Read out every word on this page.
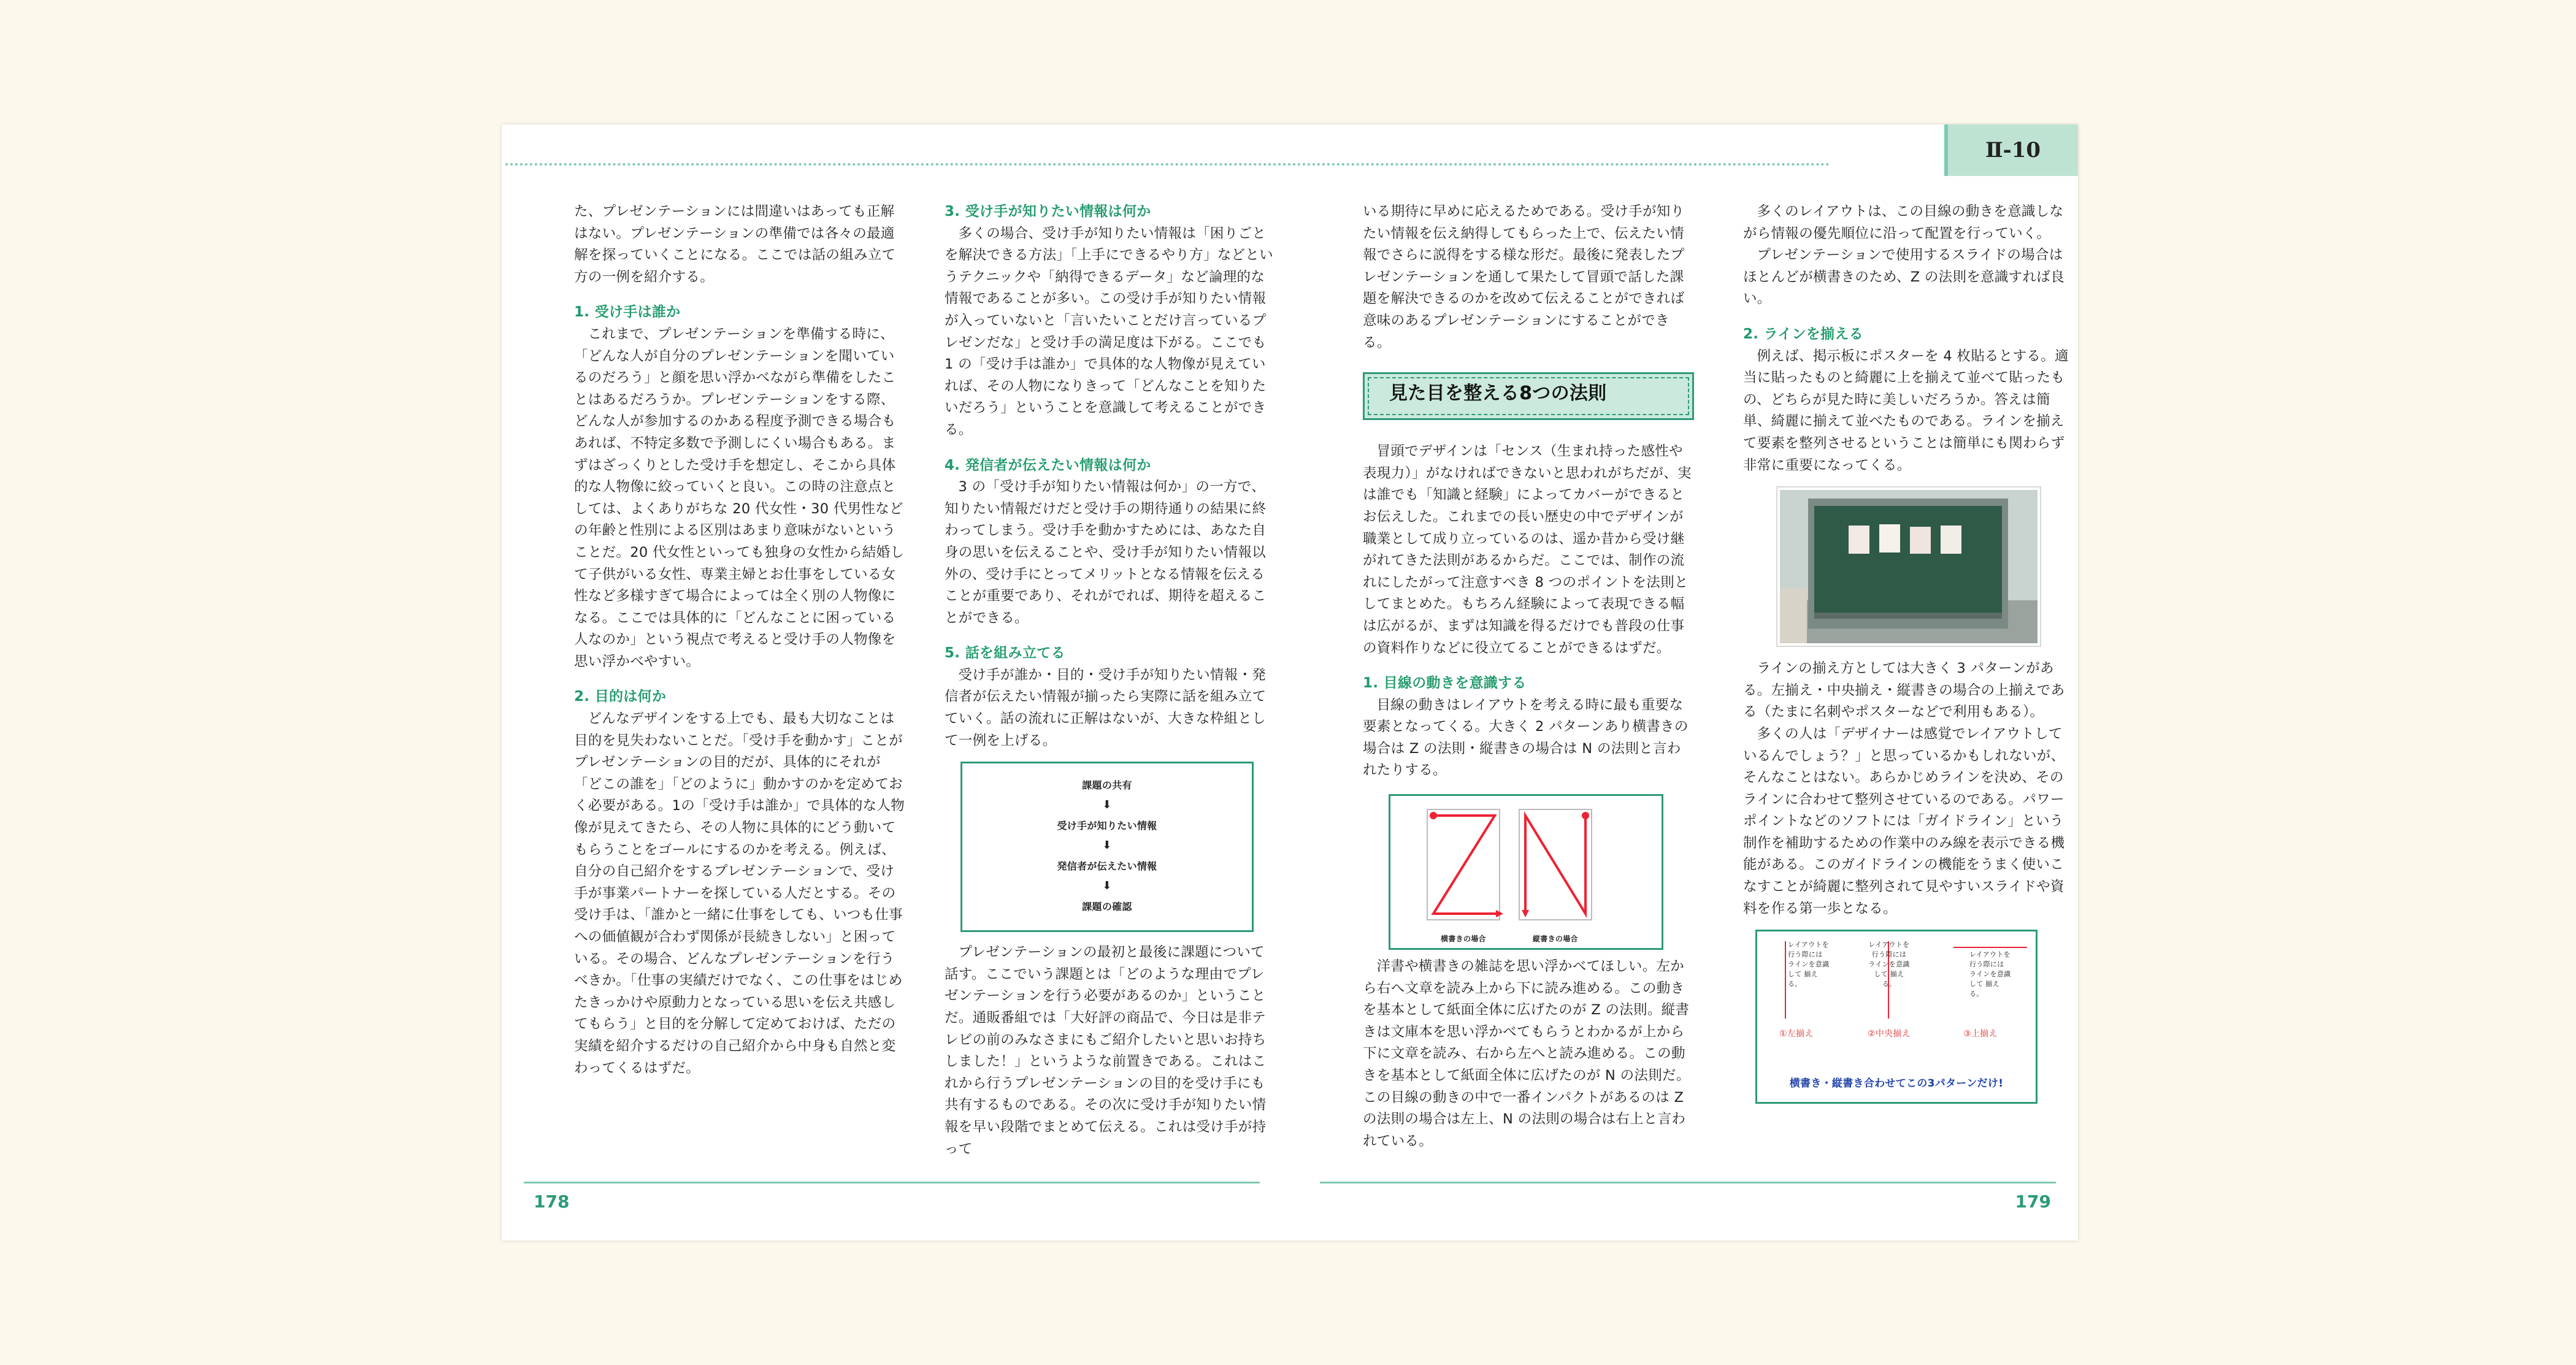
Ⅱ-10

た、プレゼンテーションには間違いはあっても正解はない。プレゼンテーションの準備では各々の最適解を探っていくことになる。ここでは話の組み立て方の一例を紹介する。

1. 受け手は誰か

これまで、プレゼンテーションを準備する時に、「どんな人が自分のプレゼンテーションを聞いているのだろう」と顔を思い浮かべながら準備をしたことはあるだろうか。プレゼンテーションをする際、どんな人が参加するのかある程度予測できる場合もあれば、不特定多数で予測しにくい場合もある。まずはざっくりとした受け手を想定し、そこから具体的な人物像に絞っていくと良い。この時の注意点としては、よくありがちな 20 代女性・30 代男性などの年齢と性別による区別はあまり意味がないということだ。20 代女性といっても独身の女性から結婚して子供がいる女性、専業主婦とお仕事をしている女性など多様すぎて場合によっては全く別の人物像になる。ここでは具体的に「どんなことに困っている人なのか」という視点で考えると受け手の人物像を思い浮かべやすい。

2. 目的は何か

どんなデザインをする上でも、最も大切なことは目的を見失わないことだ。「受け手を動かす」ことがプレゼンテーションの目的だが、具体的にそれが「どこの誰を」「どのように」動かすのかを定めておく必要がある。1の「受け手は誰か」で具体的な人物像が見えてきたら、その人物に具体的にどう動いてもらうことをゴールにするのかを考える。例えば、自分の自己紹介をするプレゼンテーションで、受け手が事業パートナーを探している人だとする。その受け手は、「誰かと一緒に仕事をしても、いつも仕事への価値観が合わず関係が長続きしない」と困っている。その場合、どんなプレゼンテーションを行うべきか。「仕事の実績だけでなく、この仕事をはじめたきっかけや原動力となっている思いを伝え共感してもらう」と目的を分解して定めておけば、ただの実績を紹介するだけの自己紹介から中身も自然と変わってくるはずだ。

3. 受け手が知りたい情報は何か

多くの場合、受け手が知りたい情報は「困りごとを解決できる方法」「上手にできるやり方」などというテクニックや「納得できるデータ」など論理的な情報であることが多い。この受け手が知りたい情報が入っていないと「言いたいことだけ言っているプレゼンだな」と受け手の満足度は下がる。ここでも 1 の「受け手は誰か」で具体的な人物像が見えていれば、その人物になりきって「どんなことを知りたいだろう」ということを意識して考えることができる。

4. 発信者が伝えたい情報は何か

3 の「受け手が知りたい情報は何か」の一方で、知りたい情報だけだと受け手の期待通りの結果に終わってしまう。受け手を動かすためには、あなた自身の思いを伝えることや、受け手が知りたい情報以外の、受け手にとってメリットとなる情報を伝えることが重要であり、それがでれば、期待を超えることができる。

5. 話を組み立てる

受け手が誰か・目的・受け手が知りたい情報・発信者が伝えたい情報が揃ったら実際に話を組み立てていく。話の流れに正解はないが、大きな枠組として一例を上げる。

課題の共有
⬇
受け手が知りたい情報
⬇
発信者が伝えたい情報
⬇
課題の確認

プレゼンテーションの最初と最後に課題について話す。ここでいう課題とは「どのような理由でプレゼンテーションを行う必要があるのか」ということだ。通販番組では「大好評の商品で、今日は是非テレビの前のみなさまにもご紹介したいと思いお持ちしました！」というような前置きである。これはこれから行うプレゼンテーションの目的を受け手にも共有するものである。その次に受け手が知りたい情報を早い段階でまとめて伝える。これは受け手が持って

いる期待に早めに応えるためである。受け手が知りたい情報を伝え納得してもらった上で、伝えたい情報でさらに説得をする様な形だ。最後に発表したプレゼンテーションを通して果たして冒頭で話した課題を解決できるのかを改めて伝えることができれば意味のあるプレゼンテーションにすることができる。

見た目を整える8つの法則

冒頭でデザインは「センス（生まれ持った感性や表現力）」がなければできないと思われがちだが、実は誰でも「知識と経験」によってカバーができるとお伝えした。これまでの長い歴史の中でデザインが職業として成り立っているのは、遥か昔から受け継がれてきた法則があるからだ。ここでは、制作の流れにしたがって注意すべき 8 つのポイントを法則としてまとめた。もちろん経験によって表現できる幅は広がるが、まずは知識を得るだけでも普段の仕事の資料作りなどに役立てることができるはずだ。

1. 目線の動きを意識する

目線の動きはレイアウトを考える時に最も重要な要素となってくる。大きく 2 パターンあり横書きの場合は Z の法則・縦書きの場合は N の法則と言われたりする。

横書きの場合	縦書きの場合

洋書や横書きの雑誌を思い浮かべてほしい。左から右へ文章を読み上から下に読み進める。この動きを基本として紙面全体に広げたのが Z の法則。縦書きは文庫本を思い浮かべてもらうとわかるが上から下に文章を読み、右から左へと読み進める。この動きを基本として紙面全体に広げたのが N の法則だ。この目線の動きの中で一番インパクトがあるのは Z の法則の場合は左上、N の法則の場合は右上と言われている。

多くのレイアウトは、この目線の動きを意識しながら情報の優先順位に沿って配置を行っていく。

プレゼンテーションで使用するスライドの場合はほとんどが横書きのため、Z の法則を意識すれば良い。

2. ラインを揃える

例えば、掲示板にポスターを 4 枚貼るとする。適当に貼ったものと綺麗に上を揃えて並べて貼ったもの、どちらが見た時に美しいだろうか。答えは簡単、綺麗に揃えて並べたものである。ラインを揃えて要素を整列させるということは簡単にも関わらず非常に重要になってくる。

ラインの揃え方としては大きく 3 パターンがある。左揃え・中央揃え・縦書きの場合の上揃えである（たまに名刺やポスターなどで利用もある）。

多くの人は「デザイナーは感覚でレイアウトしているんでしょう？」と思っているかもしれないが、そんなことはない。あらかじめラインを決め、そのラインに合わせて整列させているのである。パワーポイントなどのソフトには「ガイドライン」という制作を補助するための作業中のみ線を表示できる機能がある。このガイドラインの機能をうまく使いこなすことが綺麗に整列されて見やすいスライドや資料を作る第一歩となる。

レイアウトを行う際には ラインを意識して 揃える。
レイアウトを 行う際には ラインを意識して 揃える。
レイアウトを行う際には ラインを意識して 揃える。
①左揃え	②中央揃え	③上揃え
横書き・縦書き合わせてこの3パターンだけ!
178	179
